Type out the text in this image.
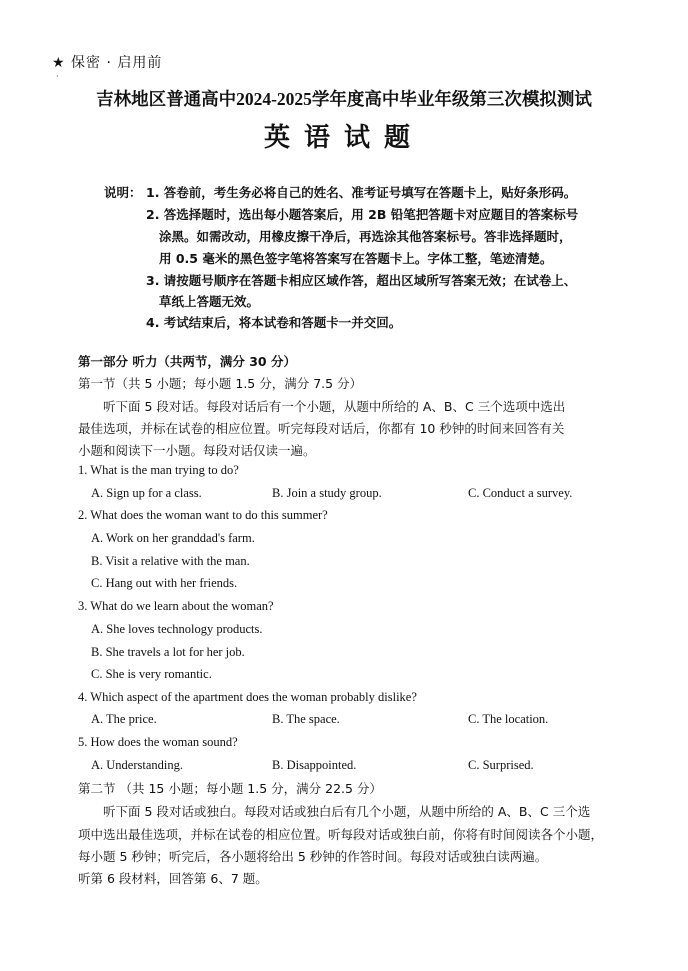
★ 保密 · 启用前
·
吉林地区普通高中2024-2025学年度高中毕业年级第三次模拟测试
英语试题
说明： 1. 答卷前，考生务必将自己的姓名、准考证号填写在答题卡上，贴好条形码。
2. 答选择题时，选出每小题答案后，用 2B 铅笔把答题卡对应题目的答案标号
涂黑。如需改动，用橡皮擦干净后，再选涂其他答案标号。答非选择题时，
用 0.5 毫米的黑色签字笔将答案写在答题卡上。字体工整，笔迹清楚。
3. 请按题号顺序在答题卡相应区域作答，超出区域所写答案无效；在试卷上、
草纸上答题无效。
4. 考试结束后，将本试卷和答题卡一并交回。
第一部分 听力（共两节，满分 30 分）
第一节（共 5 小题；每小题 1.5 分，满分 7.5 分）
听下面 5 段对话。每段对话后有一个小题，从题中所给的 A、B、C 三个选项中选出
最佳选项，并标在试卷的相应位置。听完每段对话后，你都有 10 秒钟的时间来回答有关
小题和阅读下一小题。每段对话仅读一遍。
1. What is the man trying to do?
A. Sign up for a class.	B. Join a study group.	C. Conduct a survey.
2. What does the woman want to do this summer?
A. Work on her granddad's farm.
B. Visit a relative with the man.
C. Hang out with her friends.
3. What do we learn about the woman?
A. She loves technology products.
B. She travels a lot for her job.
C. She is very romantic.
4. Which aspect of the apartment does the woman probably dislike?
A. The price.	B. The space.	C. The location.
5. How does the woman sound?
A. Understanding.	B. Disappointed.	C. Surprised.
第二节 （共 15 小题；每小题 1.5 分，满分 22.5 分）
听下面 5 段对话或独白。每段对话或独白后有几个小题，从题中所给的 A、B、C 三个选
项中选出最佳选项，并标在试卷的相应位置。听每段对话或独白前，你将有时间阅读各个小题，
每小题 5 秒钟；听完后，各小题将给出 5 秒钟的作答时间。每段对话或独白读两遍。
听第 6 段材料，回答第 6、7 题。
